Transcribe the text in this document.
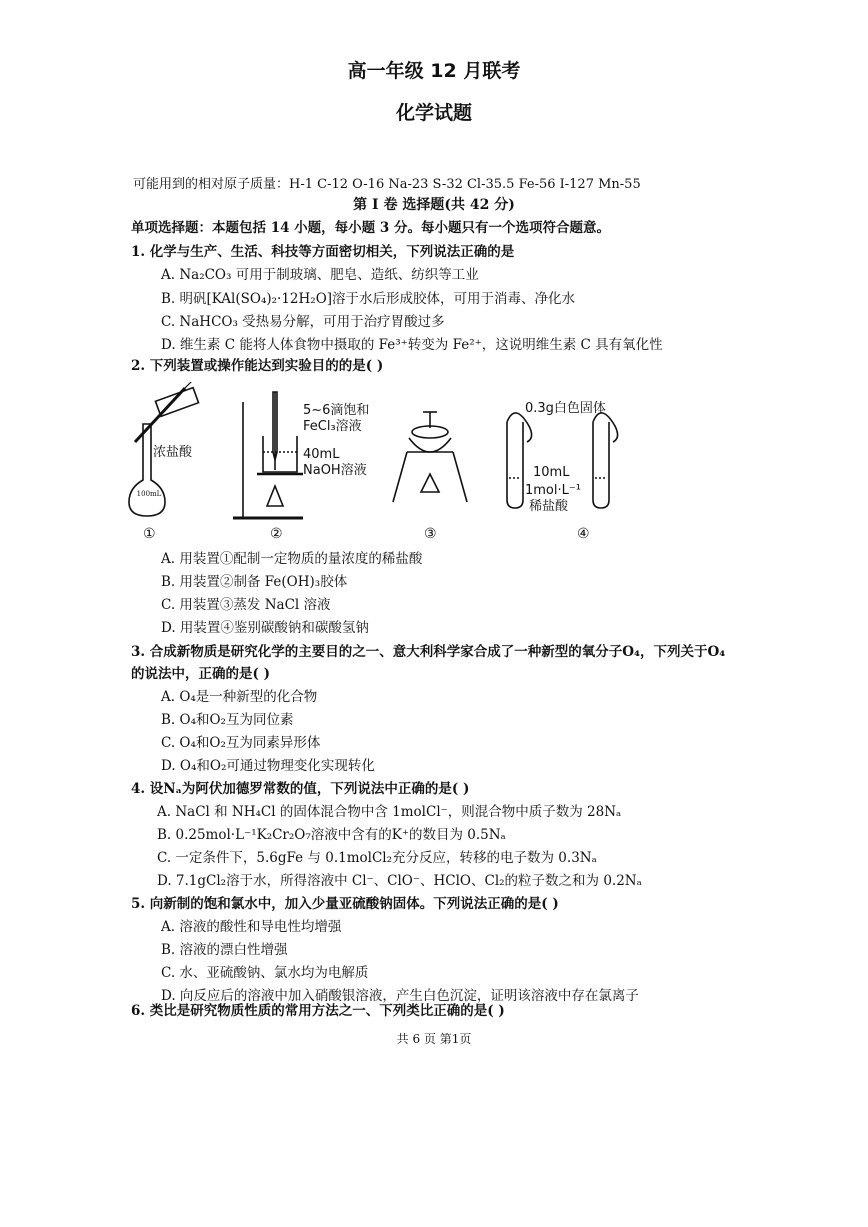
高一年级 12 月联考
化学试题
可能用到的相对原子质量：H-1 C-12 O-16 Na-23 S-32 Cl-35.5 Fe-56 I-127 Mn-55
第 I 卷 选择题(共 42 分)
单项选择题：本题包括 14 小题，每小题 3 分。每小题只有一个选项符合题意。
1. 化学与生产、生活、科技等方面密切相关，下列说法正确的是
A. Na₂CO₃ 可用于制玻璃、肥皂、造纸、纺织等工业
B. 明矾[KAl(SO₄)₂·12H₂O]溶于水后形成胶体，可用于消毒、净化水
C. NaHCO₃ 受热易分解，可用于治疗胃酸过多
D. 维生素 C 能将人体食物中摄取的 Fe³⁺转变为 Fe²⁺，这说明维生素 C 具有氧化性
2. 下列装置或操作能达到实验目的的是( )
100mL
浓盐酸
5~6滴饱和
FeCl₃溶液
40mL
NaOH溶液
0.3g白色固体
10mL
1mol·L⁻¹
稀盐酸
①	②	③	④
A. 用装置①配制一定物质的量浓度的稀盐酸
B. 用装置②制备 Fe(OH)₃胶体
C. 用装置③蒸发 NaCl 溶液
D. 用装置④鉴别碳酸钠和碳酸氢钠
3. 合成新物质是研究化学的主要目的之一、意大利科学家合成了一种新型的氧分子O₄，下列关于O₄
的说法中，正确的是( )
A. O₄是一种新型的化合物
B. O₄和O₂互为同位素
C. O₄和O₂互为同素异形体
D. O₄和O₂可通过物理变化实现转化
4. 设Nₐ为阿伏加德罗常数的值，下列说法中正确的是( )
A. NaCl 和 NH₄Cl 的固体混合物中含 1molCl⁻，则混合物中质子数为 28Nₐ
B. 0.25mol·L⁻¹K₂Cr₂O₇溶液中含有的K⁺的数目为 0.5Nₐ
C. 一定条件下，5.6gFe 与 0.1molCl₂充分反应，转移的电子数为 0.3Nₐ
D. 7.1gCl₂溶于水，所得溶液中 Cl⁻、ClO⁻、HClO、Cl₂的粒子数之和为 0.2Nₐ
5. 向新制的饱和氯水中，加入少量亚硫酸钠固体。下列说法正确的是( )
A. 溶液的酸性和导电性均增强
B. 溶液的漂白性增强
C. 水、亚硫酸钠、氯水均为电解质
D. 向反应后的溶液中加入硝酸银溶液，产生白色沉淀，证明该溶液中存在氯离子
6. 类比是研究物质性质的常用方法之一、下列类比正确的是( )
共 6 页 第1页
